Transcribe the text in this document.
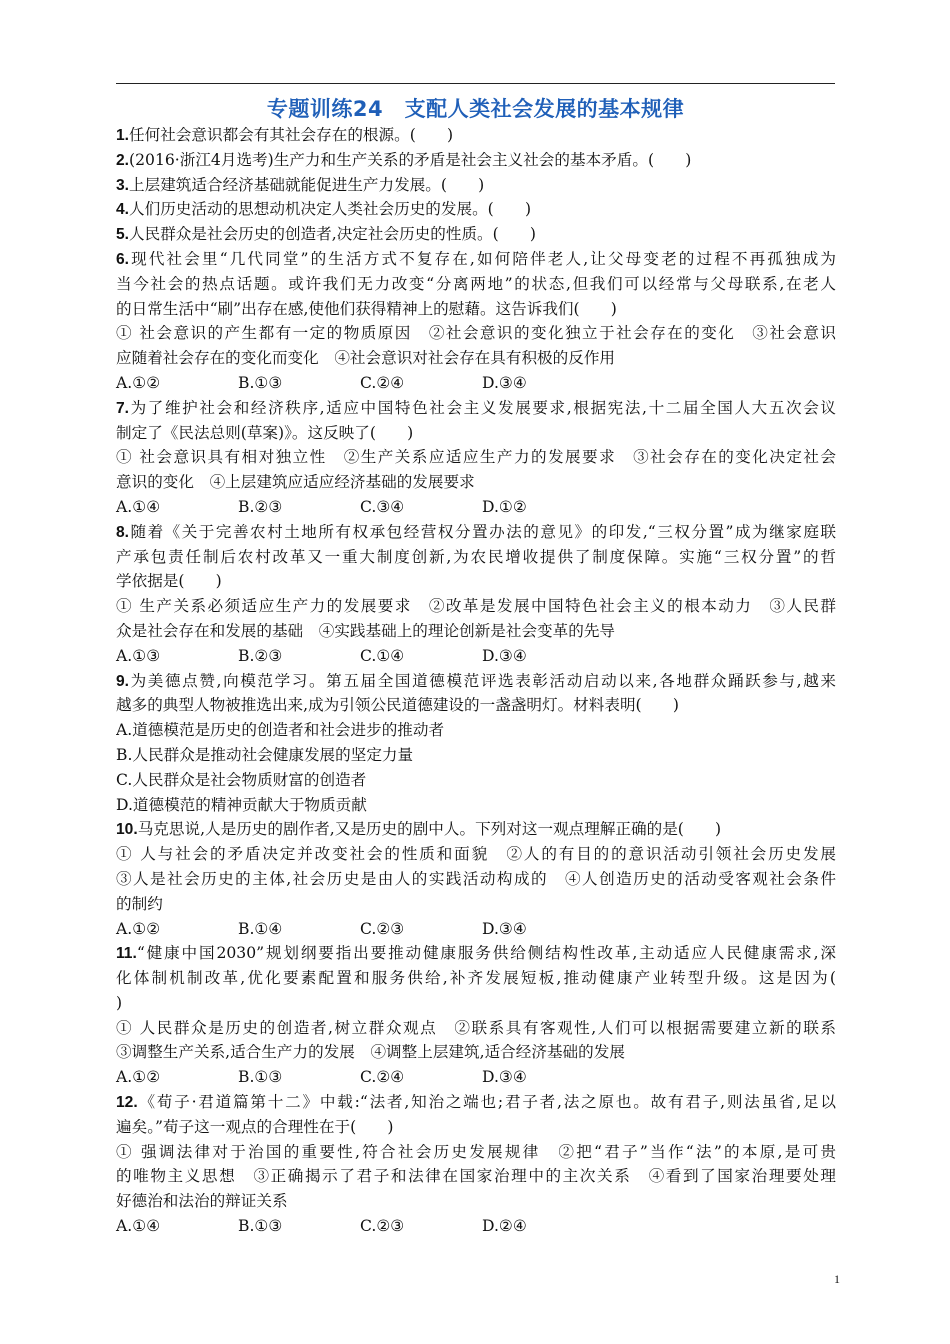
专题训练24　支配人类社会发展的基本规律
1.任何社会意识都会有其社会存在的根源。(　　)
2.(2016·浙江4月选考)生产力和生产关系的矛盾是社会主义社会的基本矛盾。(　　)
3.上层建筑适合经济基础就能促进生产力发展。(　　)
4.人们历史活动的思想动机决定人类社会历史的发展。(　　)
5.人民群众是社会历史的创造者,决定社会历史的性质。(　　)
6.现代社会里“几代同堂”的生活方式不复存在,如何陪伴老人,让父母变老的过程不再孤独成为
当今社会的热点话题。或许我们无力改变“分离两地”的状态,但我们可以经常与父母联系,在老人
的日常生活中“刷”出存在感,使他们获得精神上的慰藉。这告诉我们(　　)
① 社会意识的产生都有一定的物质原因　②社会意识的变化独立于社会存在的变化　③社会意识
应随着社会存在的变化而变化　④社会意识对社会存在具有积极的反作用
A.①②	B.①③	C.②④	D.③④
7.为了维护社会和经济秩序,适应中国特色社会主义发展要求,根据宪法,十二届全国人大五次会议
制定了《民法总则(草案)》。这反映了(　　)
① 社会意识具有相对独立性　②生产关系应适应生产力的发展要求　③社会存在的变化决定社会
意识的变化　④上层建筑应适应经济基础的发展要求
A.①④	B.②③	C.③④	D.①②
8.随着《关于完善农村土地所有权承包经营权分置办法的意见》的印发,“三权分置”成为继家庭联
产承包责任制后农村改革又一重大制度创新,为农民增收提供了制度保障。实施“三权分置”的哲
学依据是(　　)
① 生产关系必须适应生产力的发展要求　②改革是发展中国特色社会主义的根本动力　③人民群
众是社会存在和发展的基础　④实践基础上的理论创新是社会变革的先导
A.①③	B.②③	C.①④	D.③④
9.为美德点赞,向模范学习。第五届全国道德模范评选表彰活动启动以来,各地群众踊跃参与,越来
越多的典型人物被推选出来,成为引领公民道德建设的一盏盏明灯。材料表明(　　)
A.道德模范是历史的创造者和社会进步的推动者
B.人民群众是推动社会健康发展的坚定力量
C.人民群众是社会物质财富的创造者
D.道德模范的精神贡献大于物质贡献
10.马克思说,人是历史的剧作者,又是历史的剧中人。下列对这一观点理解正确的是(　　)
① 人与社会的矛盾决定并改变社会的性质和面貌　②人的有目的的意识活动引领社会历史发展
③人是社会历史的主体,社会历史是由人的实践活动构成的　④人创造历史的活动受客观社会条件
的制约
A.①②	B.①④	C.②③	D.③④
11.“健康中国2030”规划纲要指出要推动健康服务供给侧结构性改革,主动适应人民健康需求,深
化体制机制改革,优化要素配置和服务供给,补齐发展短板,推动健康产业转型升级。这是因为(
)
① 人民群众是历史的创造者,树立群众观点　②联系具有客观性,人们可以根据需要建立新的联系
③调整生产关系,适合生产力的发展　④调整上层建筑,适合经济基础的发展
A.①②	B.①③	C.②④	D.③④
12.《荀子·君道篇第十二》中载:“法者,知治之端也;君子者,法之原也。故有君子,则法虽省,足以
遍矣。”荀子这一观点的合理性在于(　　)
① 强调法律对于治国的重要性,符合社会历史发展规律　②把“君子”当作“法”的本原,是可贵
的唯物主义思想　③正确揭示了君子和法律在国家治理中的主次关系　④看到了国家治理要处理
好德治和法治的辩证关系
A.①④	B.①③	C.②③	D.②④
1
